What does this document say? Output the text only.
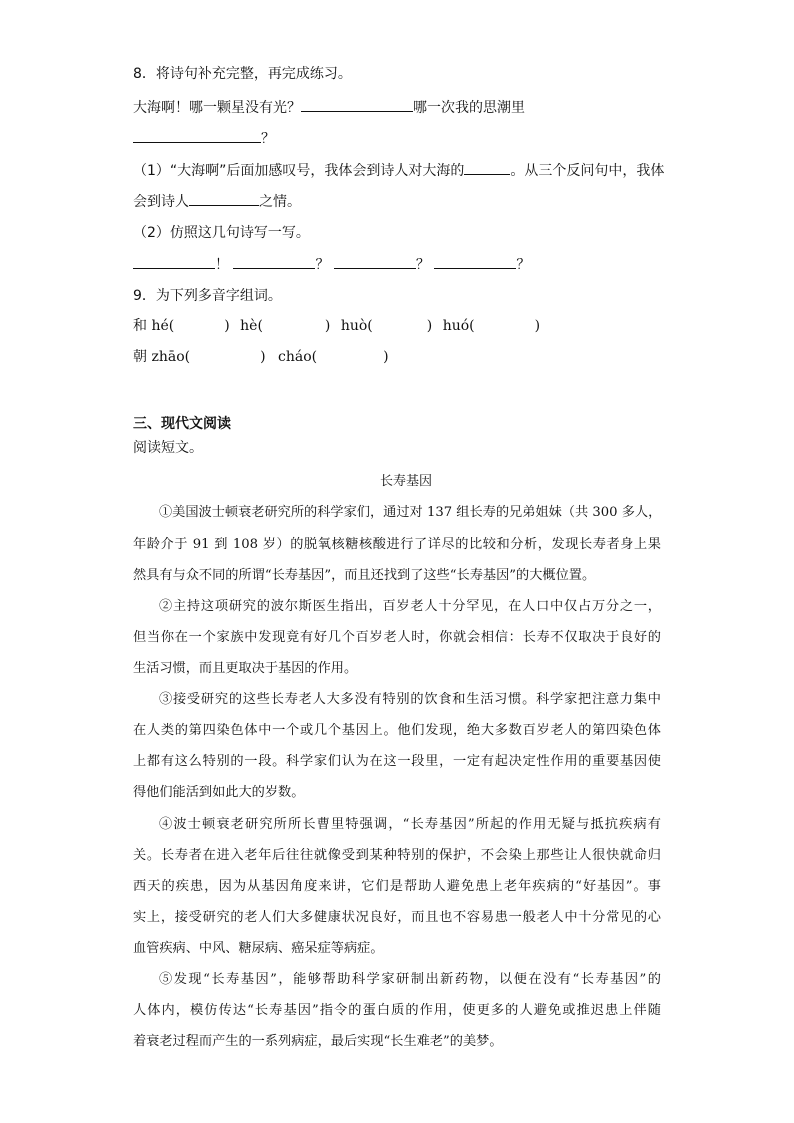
8．将诗句补充完整，再完成练习。
大海啊！哪一颗星没有光？	哪一次我的思潮里
？
（1）“大海啊”后面加感叹号，我体会到诗人对大海的	。从三个反问句中，我体
会到诗人	之情。
（2）仿照这几句诗写一写。
！	？	？	？
9．为下列多音字组词。
和 hé(	) hè(	) huò(	) huó(	)
朝 zhāo(	) cháo(	)
三、现代文阅读
阅读短文。
长寿基因
①美国波士顿衰老研究所的科学家们，通过对 137 组长寿的兄弟姐妹（共 300 多人，
年龄介于 91 到 108 岁）的脱氧核糖核酸进行了详尽的比较和分析，发现长寿者身上果
然具有与众不同的所谓“长寿基因”，而且还找到了这些“长寿基因”的大概位置。
②主持这项研究的波尔斯医生指出，百岁老人十分罕见，在人口中仅占万分之一，
但当你在一个家族中发现竟有好几个百岁老人时，你就会相信：长寿不仅取决于良好的
生活习惯，而且更取决于基因的作用。
③接受研究的这些长寿老人大多没有特别的饮食和生活习惯。科学家把注意力集中
在人类的第四染色体中一个或几个基因上。他们发现，绝大多数百岁老人的第四染色体
上都有这么特别的一段。科学家们认为在这一段里，一定有起决定性作用的重要基因使
得他们能活到如此大的岁数。
④波士顿衰老研究所所长曹里特强调，“长寿基因”所起的作用无疑与抵抗疾病有
关。长寿者在进入老年后往往就像受到某种特别的保护，不会染上那些让人很快就命归
西天的疾患，因为从基因角度来讲，它们是帮助人避免患上老年疾病的“好基因”。事
实上，接受研究的老人们大多健康状况良好，而且也不容易患一般老人中十分常见的心
血管疾病、中风、糖尿病、癌呆症等病症。
⑤发现“长寿基因”，能够帮助科学家研制出新药物，以便在没有“长寿基因”的
人体内，模仿传达“长寿基因”指令的蛋白质的作用，使更多的人避免或推迟患上伴随
着衰老过程而产生的一系列病症，最后实现“长生难老”的美梦。
